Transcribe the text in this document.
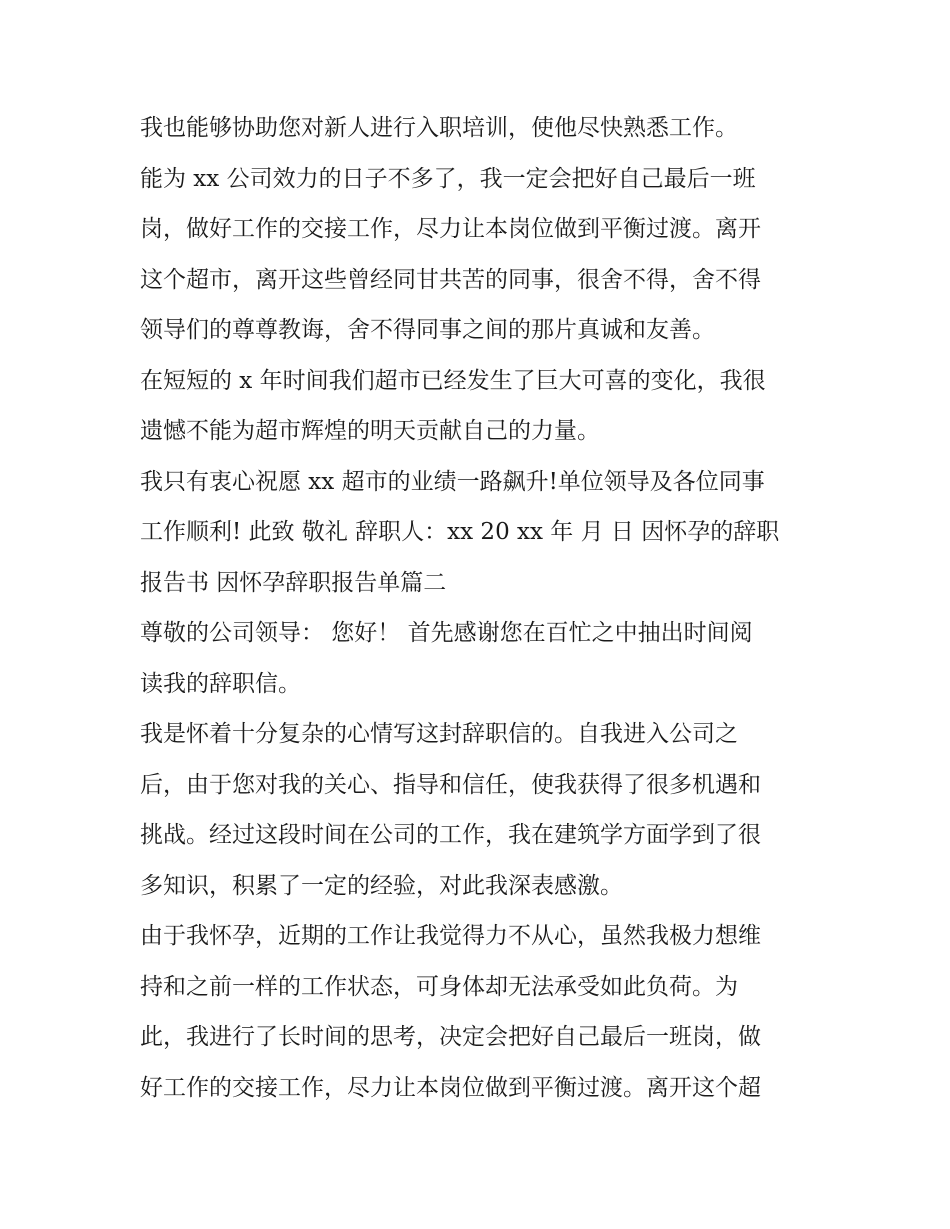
我也能够协助您对新人进行入职培训，使他尽快熟悉工作。
能为 xx 公司效力的日子不多了，我一定会把好自己最后一班
岗，做好工作的交接工作，尽力让本岗位做到平衡过渡。离开
这个超市，离开这些曾经同甘共苦的同事，很舍不得，舍不得
领导们的尊尊教诲，舍不得同事之间的那片真诚和友善。
在短短的 x 年时间我们超市已经发生了巨大可喜的变化，我很
遗憾不能为超市辉煌的明天贡献自己的力量。
我只有衷心祝愿 xx 超市的业绩一路飙升!单位领导及各位同事
工作顺利! 此致 敬礼 辞职人：xx 20 xx 年 月 日 因怀孕的辞职
报告书 因怀孕辞职报告单篇二
尊敬的公司领导： 您好！ 首先感谢您在百忙之中抽出时间阅
读我的辞职信。
我是怀着十分复杂的心情写这封辞职信的。自我进入公司之
后，由于您对我的关心、指导和信任，使我获得了很多机遇和
挑战。经过这段时间在公司的工作，我在建筑学方面学到了很
多知识，积累了一定的经验，对此我深表感激。
由于我怀孕，近期的工作让我觉得力不从心，虽然我极力想维
持和之前一样的工作状态，可身体却无法承受如此负荷。为
此，我进行了长时间的思考，决定会把好自己最后一班岗，做
好工作的交接工作，尽力让本岗位做到平衡过渡。离开这个超
